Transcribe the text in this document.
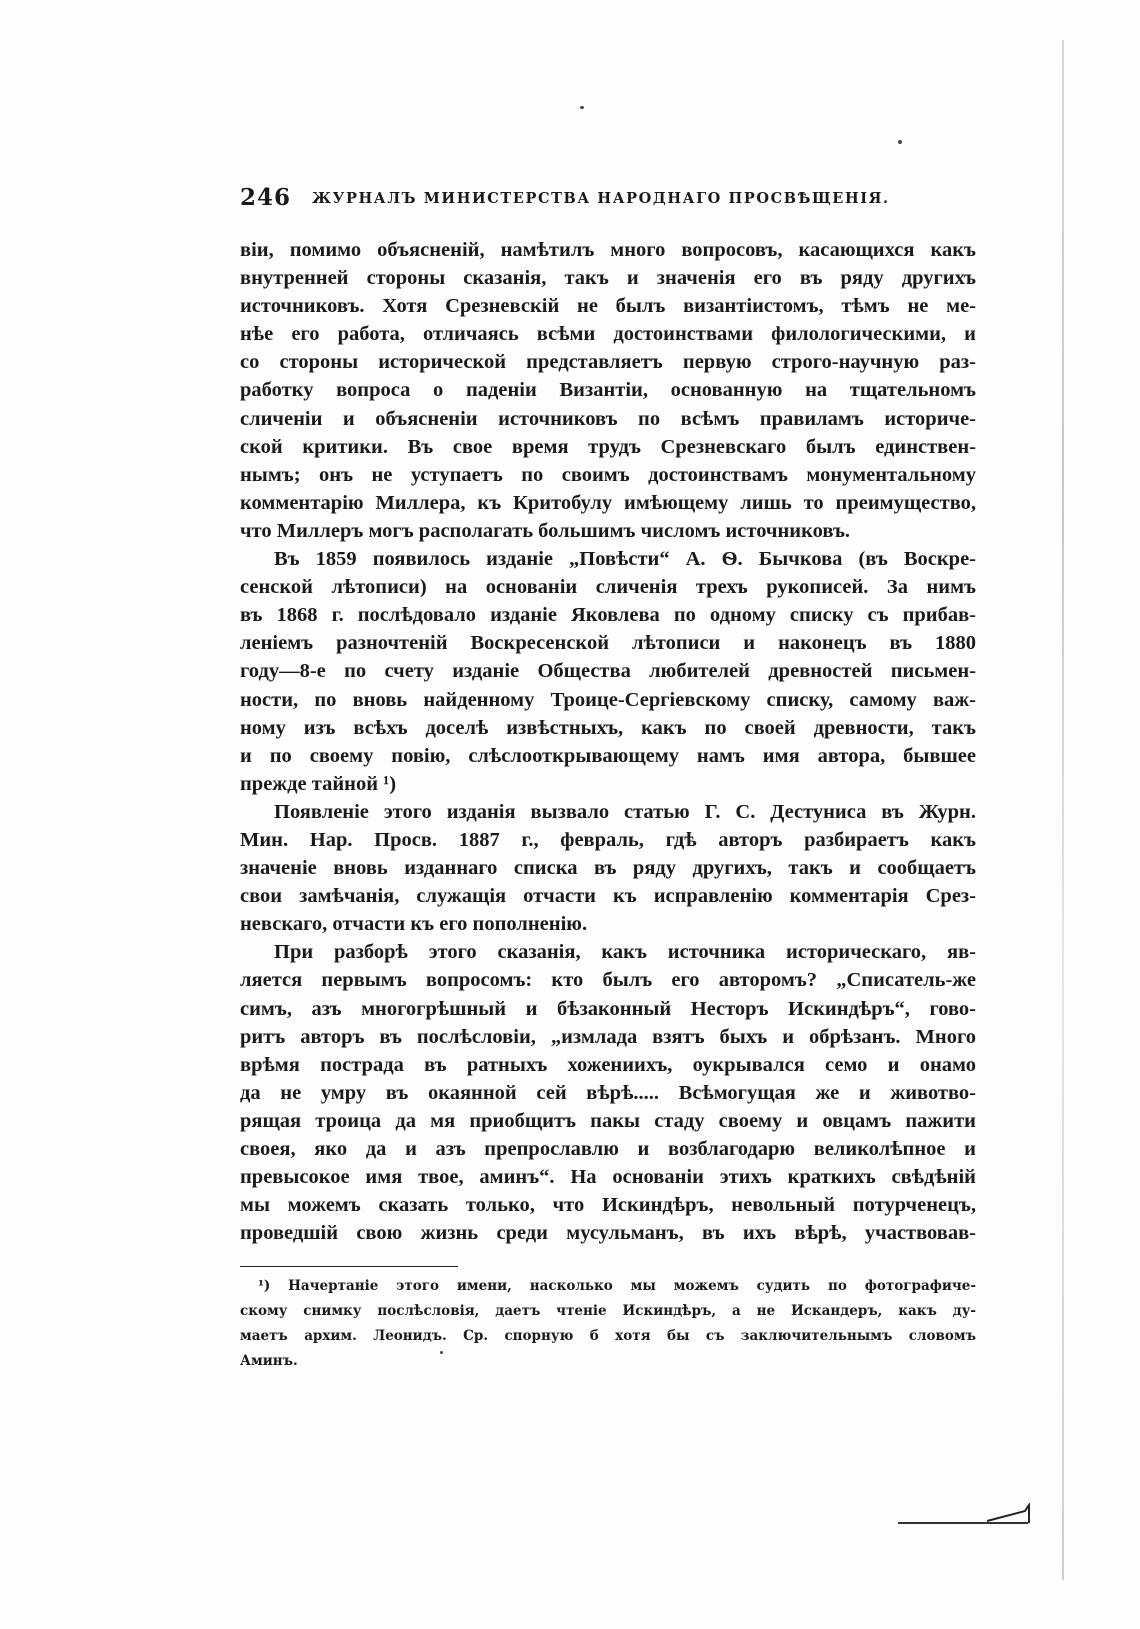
246 ЖУРНАЛЪ МИНИСТЕРСТВА НАРОДНАГО ПРОСВѢЩЕНІЯ.
віи, помимо объясненій, намѣтилъ много вопросовъ, касающихся какъ
внутренней стороны сказанія, такъ и значенія его въ ряду другихъ
источниковъ. Хотя Срезневскій не былъ византіистомъ, тѣмъ не ме-
нѣе его работа, отличаясь всѣми достоинствами филологическими, и
со стороны исторической представляетъ первую строго-научную раз-
работку вопроса о паденіи Византіи, основанную на тщательномъ
сличеніи и объясненіи источниковъ по всѣмъ правиламъ историче-
ской критики. Въ свое время трудъ Срезневскаго былъ единствен-
нымъ; онъ не уступаетъ по своимъ достоинствамъ монументальному
комментарію Миллера, къ Критобулу имѣющему лишь то преимущество,
что Миллеръ могъ располагать большимъ числомъ источниковъ.
Въ 1859 появилось изданіе „Повѣсти“ А. Ѳ. Бычкова (въ Воскре-
сенской лѣтописи) на основаніи сличенія трехъ рукописей. За нимъ
въ 1868 г. послѣдовало изданіе Яковлева по одному списку съ прибав-
леніемъ разночтеній Воскресенской лѣтописи и наконецъ въ 1880
году—8-е по счету изданіе Общества любителей древностей письмен-
ности, по вновь найденному Троице-Сергіевскому списку, самому важ-
ному изъ всѣхъ доселѣ извѣстныхъ, какъ по своей древности, такъ
и по своему повію, слѣслооткрывающему намъ имя автора, бывшее
прежде тайной ¹)
Появленіе этого изданія вызвало статью Г. С. Дестуниса въ Журн.
Мин. Нар. Просв. 1887 г., февраль, гдѣ авторъ разбираетъ какъ
значеніе вновь изданнаго списка въ ряду другихъ, такъ и сообщаетъ
свои замѣчанія, служащія отчасти къ исправленію комментарія Срез-
невскаго, отчасти къ его пополненію.
При разборѣ этого сказанія, какъ источника историческаго, яв-
ляется первымъ вопросомъ: кто былъ его авторомъ? „Списатель-же
симъ, азъ многогрѣшный и бѣзаконный Несторъ Искиндѣръ“, гово-
ритъ авторъ въ послѣсловіи, „измлада взятъ быхъ и обрѣзанъ. Много
врѣмя пострада въ ратныхъ хожениихъ, оукрывался семо и онамо
да не умру въ окаянной сей вѣрѣ..... Всѣмогущая же и животво-
рящая троица да мя приобщитъ пакы стаду своему и овцамъ пажити
своея, яко да и азъ препрославлю и возблагодарю великолѣпное и
превысокое имя твое, аминъ“. На основаніи этихъ краткихъ свѣдѣній
мы можемъ сказать только, что Искиндѣръ, невольный потурченецъ,
проведшій свою жизнь среди мусульманъ, въ ихъ вѣрѣ, участвовав-
¹) Начертаніе этого имени, насколько мы можемъ судить по фотографиче-
скому снимку послѣсловія, даетъ чтеніе Искиндѣръ, а не Искандеръ, какъ ду-
маетъ архим. Леонидъ. Ср. спорную б хотя бы съ заключительнымъ словомъ
Аминъ.
